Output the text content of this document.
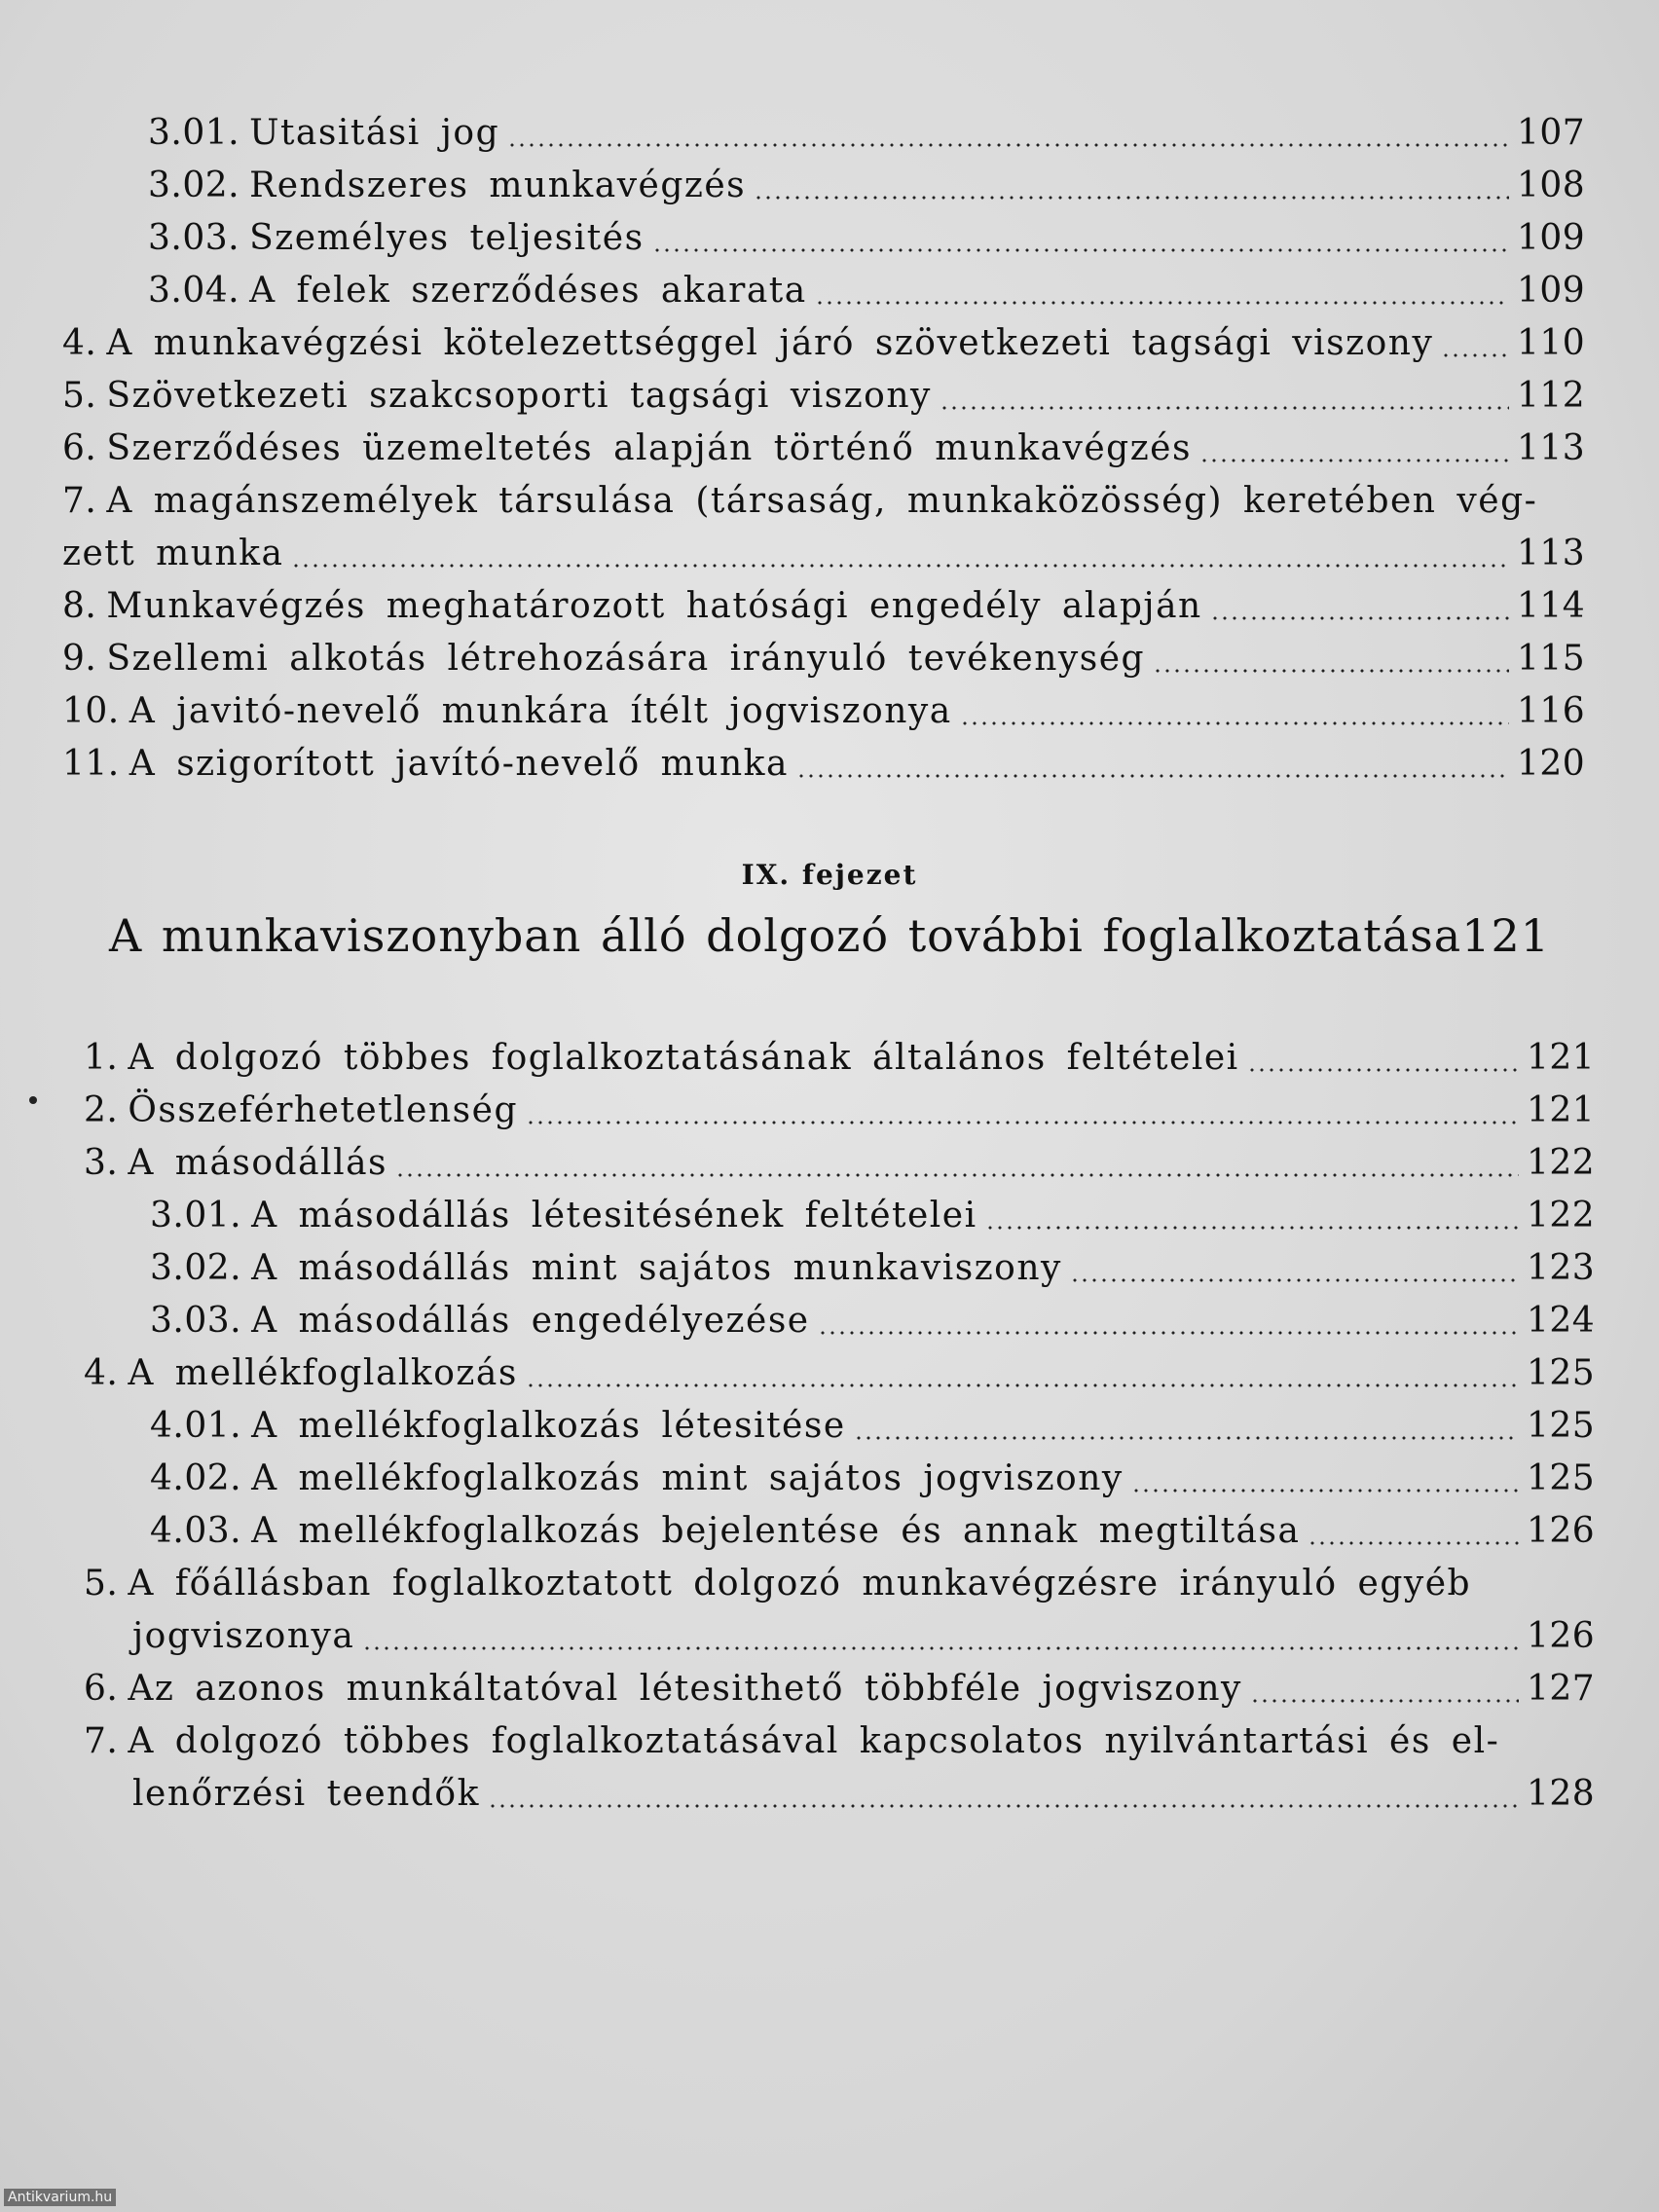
3.01. Utasitási jog	107
3.02. Rendszeres munkavégzés	108
3.03. Személyes teljesités	109
3.04. A felek szerződéses akarata	109
4. A munkavégzési kötelezettséggel járó szövetkezeti tagsági viszony 110
5. Szövetkezeti szakcsoporti tagsági viszony	112
6. Szerződéses üzemeltetés alapján történő munkavégzés	113
7. A magánszemélyek társulása (társaság, munkaközösség) keretében vég-
zett munka	113
8. Munkavégzés meghatározott hatósági engedély alapján	114
9. Szellemi alkotás létrehozására irányuló tevékenység	115
10. A javitó-nevelő munkára ítélt jogviszonya	116
11. A szigorított javító-nevelő munka	120
IX. fejezet
A munkaviszonyban álló dolgozó további foglalkoztatása 121
1. A dolgozó többes foglalkoztatásának általános feltételei	121
2. Összeférhetetlenség	121
3. A másodállás	122
3.01. A másodállás létesitésének feltételei	122
3.02. A másodállás mint sajátos munkaviszony	123
3.03. A másodállás engedélyezése	124
4. A mellékfoglalkozás	125
4.01. A mellékfoglalkozás létesitése	125
4.02. A mellékfoglalkozás mint sajátos jogviszony	125
4.03. A mellékfoglalkozás bejelentése és annak megtiltása	126
5. A főállásban foglalkoztatott dolgozó munkavégzésre irányuló egyéb
jogviszonya	126
6. Az azonos munkáltatóval létesithető többféle jogviszony	127
7. A dolgozó többes foglalkoztatásával kapcsolatos nyilvántartási és el-
lenőrzési teendők	128
Antikvarium.hu
